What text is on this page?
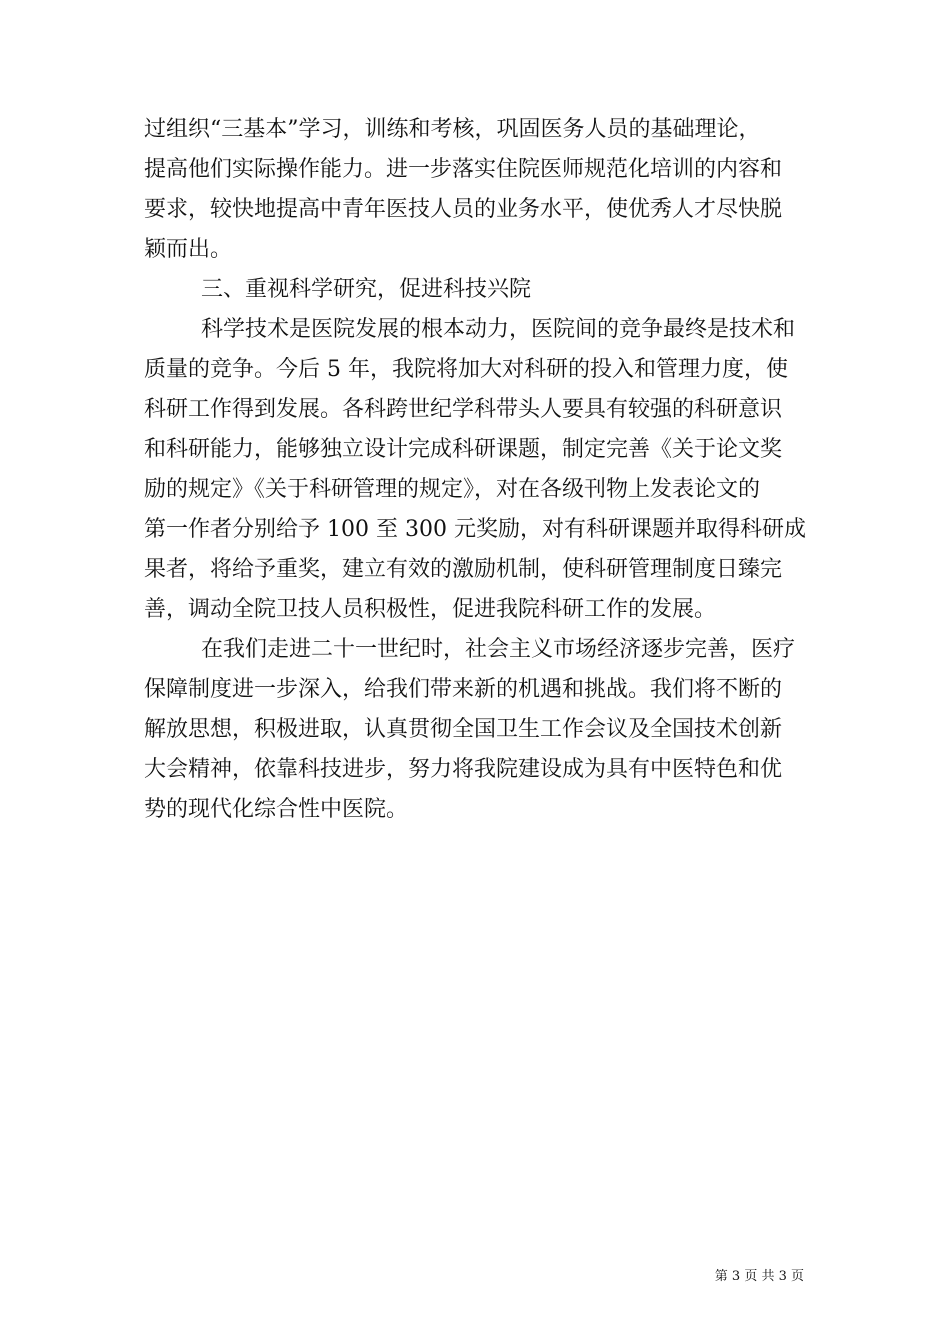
过组织“三基本”学习，训练和考核，巩固医务人员的基础理论，

提高他们实际操作能力。进一步落实住院医师规范化培训的内容和

要求，较快地提高中青年医技人员的业务水平，使优秀人才尽快脱

颖而出。

三、重视科学研究，促进科技兴院

科学技术是医院发展的根本动力，医院间的竞争最终是技术和

质量的竞争。今后 5 年，我院将加大对科研的投入和管理力度，使

科研工作得到发展。各科跨世纪学科带头人要具有较强的科研意识

和科研能力，能够独立设计完成科研课题，制定完善《关于论文奖

励的规定》《关于科研管理的规定》，对在各级刊物上发表论文的

第一作者分别给予 100 至 300 元奖励，对有科研课题并取得科研成

果者，将给予重奖，建立有效的激励机制，使科研管理制度日臻完

善，调动全院卫技人员积极性，促进我院科研工作的发展。

在我们走进二十一世纪时，社会主义市场经济逐步完善，医疗

保障制度进一步深入，给我们带来新的机遇和挑战。我们将不断的

解放思想，积极进取，认真贯彻全国卫生工作会议及全国技术创新

大会精神，依靠科技进步，努力将我院建设成为具有中医特色和优

势的现代化综合性中医院。

第 3 页 共 3 页
